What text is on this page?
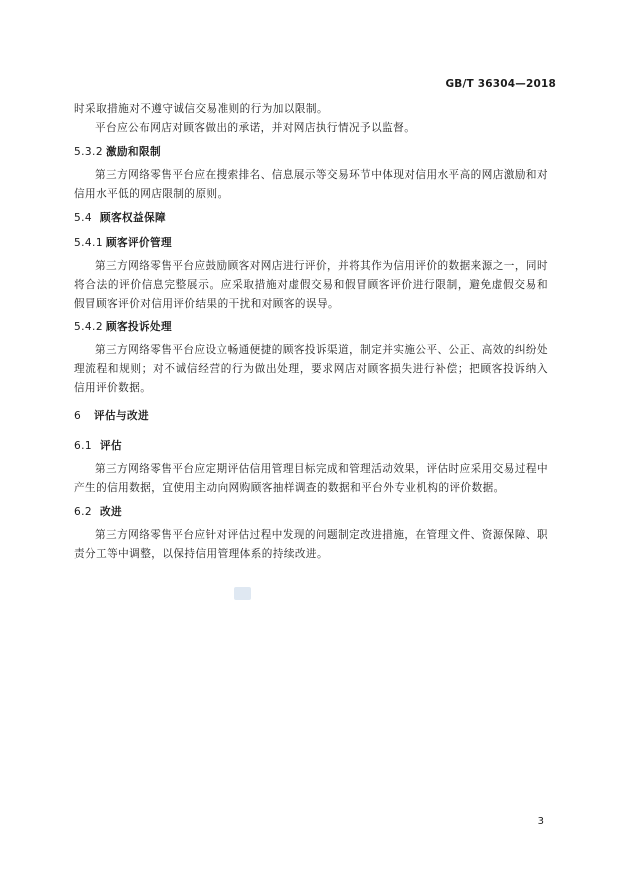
GB/T 36304—2018

时采取措施对不遵守诚信交易准则的行为加以限制。

平台应公布网店对顾客做出的承诺，并对网店执行情况予以监督。

5.3.2 激励和限制

第三方网络零售平台应在搜索排名、信息展示等交易环节中体现对信用水平高的网店激励和对信用水平低的网店限制的原则。

5.4 顾客权益保障
5.4.1 顾客评价管理

第三方网络零售平台应鼓励顾客对网店进行评价，并将其作为信用评价的数据来源之一，同时将合法的评价信息完整展示。应采取措施对虚假交易和假冒顾客评价进行限制，避免虚假交易和假冒顾客评价对信用评价结果的干扰和对顾客的误导。

5.4.2 顾客投诉处理

第三方网络零售平台应设立畅通便捷的顾客投诉渠道，制定并实施公平、公正、高效的纠纷处理流程和规则；对不诚信经营的行为做出处理，要求网店对顾客损失进行补偿；把顾客投诉纳入信用评价数据。

6 评估与改进
6.1 评估

第三方网络零售平台应定期评估信用管理目标完成和管理活动效果，评估时应采用交易过程中产生的信用数据，宜使用主动向网购顾客抽样调查的数据和平台外专业机构的评价数据。

6.2 改进

第三方网络零售平台应针对评估过程中发现的问题制定改进措施，在管理文件、资源保障、职责分工等中调整，以保持信用管理体系的持续改进。

3
